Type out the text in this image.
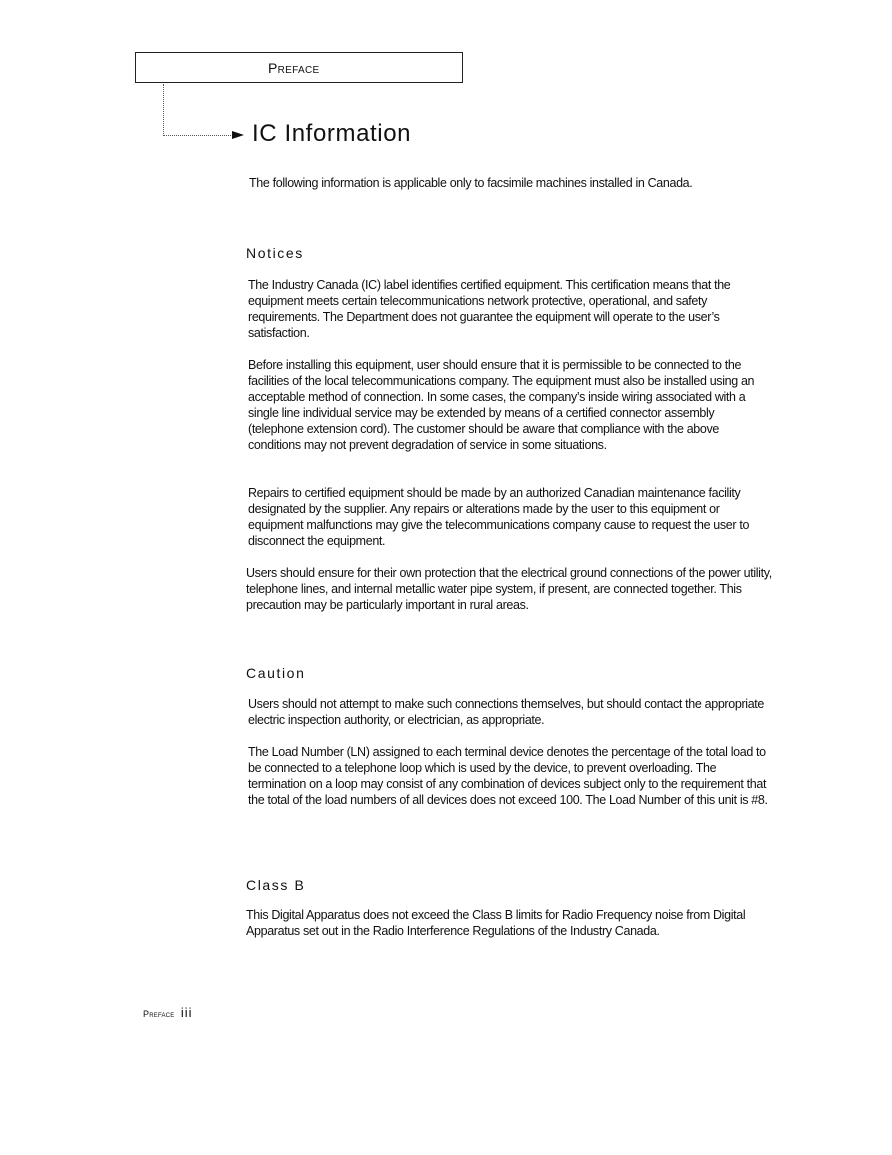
Preface
IC Information

The following information is applicable only to facsimile machines installed in Canada.

Notices

The Industry Canada (IC) label identifies certified equipment. This certification means that the equipment meets certain telecommunications network protective, operational, and safety requirements. The Department does not guarantee the equipment will operate to the user’s satisfaction.

Before installing this equipment, user should ensure that it is permissible to be connected to the facilities of the local telecommunications company. The equipment must also be installed using an acceptable method of connection. In some cases, the company’s inside wiring associated with a single line individual service may be extended by means of a certified connector assembly (telephone extension cord). The customer should be aware that compliance with the above conditions may not prevent degradation of service in some situations.

Repairs to certified equipment should be made by an authorized Canadian maintenance facility designated by the supplier. Any repairs or alterations made by the user to this equipment or equipment malfunctions may give the telecommunications company cause to request the user to disconnect the equipment.

Users should ensure for their own protection that the electrical ground connections of the power utility, telephone lines, and internal metallic water pipe system, if present, are connected together. This precaution may be particularly important in rural areas.

Caution

Users should not attempt to make such connections themselves, but should contact the appropriate electric inspection authority, or electrician, as appropriate.

The Load Number (LN) assigned to each terminal device denotes the percentage of the total load to be connected to a telephone loop which is used by the device, to prevent overloading. The termination on a loop may consist of any combination of devices subject only to the requirement that the total of the load numbers of all devices does not exceed 100. The Load Number of this unit is #8.

Class B

This Digital Apparatus does not exceed the Class B limits for Radio Frequency noise from Digital Apparatus set out in the Radio Interference Regulations of the Industry Canada.

Preface iii
